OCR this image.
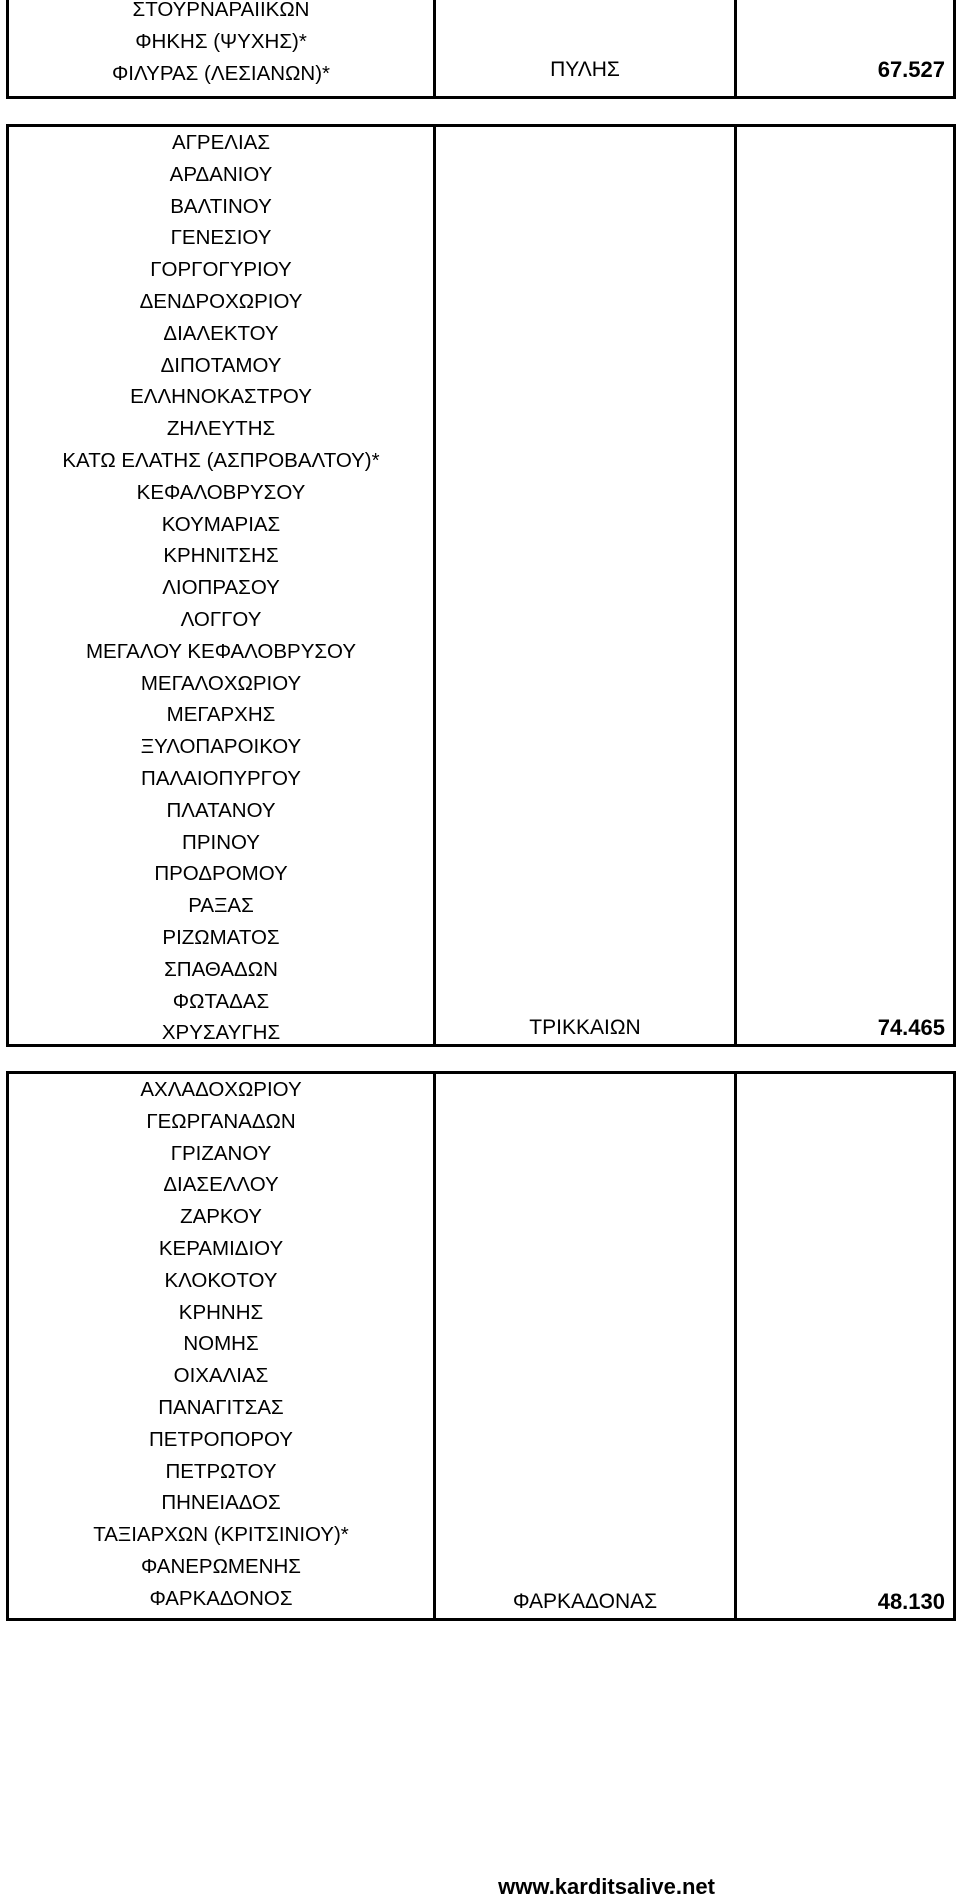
ΣΤΟΥΡΝΑΡΑΙΙΚΩΝ
ΦΗΚΗΣ (ΨΥΧΗΣ)*
ΦΙΛΥΡΑΣ (ΛΕΣΙΑΝΩΝ)*	ΠΥΛΗΣ	67.527
ΑΓΡΕΛΙΑΣ
ΑΡΔΑΝΙΟΥ
ΒΑΛΤΙΝΟΥ
ΓΕΝΕΣΙΟΥ
ΓΟΡΓΟΓΥΡΙΟΥ
ΔΕΝΔΡΟΧΩΡΙΟΥ
ΔΙΑΛΕΚΤΟΥ
ΔΙΠΟΤΑΜΟΥ
ΕΛΛΗΝΟΚΑΣΤΡΟΥ
ΖΗΛΕΥΤΗΣ
ΚΑΤΩ ΕΛΑΤΗΣ (ΑΣΠΡΟΒΑΛΤΟΥ)*
ΚΕΦΑΛΟΒΡΥΣΟΥ
ΚΟΥΜΑΡΙΑΣ
ΚΡΗΝΙΤΣΗΣ
ΛΙΟΠΡΑΣΟΥ
ΛΟΓΓΟΥ
ΜΕΓΑΛΟΥ ΚΕΦΑΛΟΒΡΥΣΟΥ
ΜΕΓΑΛΟΧΩΡΙΟΥ
ΜΕΓΑΡΧΗΣ
ΞΥΛΟΠΑΡΟΙΚΟΥ
ΠΑΛΑΙΟΠΥΡΓΟΥ
ΠΛΑΤΑΝΟΥ
ΠΡΙΝΟΥ
ΠΡΟΔΡΟΜΟΥ
ΡΑΞΑΣ
ΡΙΖΩΜΑΤΟΣ
ΣΠΑΘΑΔΩΝ
ΦΩΤΑΔΑΣ
ΧΡΥΣΑΥΓΗΣ	ΤΡΙΚΚΑΙΩΝ	74.465
ΑΧΛΑΔΟΧΩΡΙΟΥ
ΓΕΩΡΓΑΝΑΔΩΝ
ΓΡΙΖΑΝΟΥ
ΔΙΑΣΕΛΛΟΥ
ΖΑΡΚΟΥ
ΚΕΡΑΜΙΔΙΟΥ
ΚΛΟΚΟΤΟΥ
ΚΡΗΝΗΣ
ΝΟΜΗΣ
ΟΙΧΑΛΙΑΣ
ΠΑΝΑΓΙΤΣΑΣ
ΠΕΤΡΟΠΟΡΟΥ
ΠΕΤΡΩΤΟΥ
ΠΗΝΕΙΑΔΟΣ
ΤΑΞΙΑΡΧΩΝ (ΚΡΙΤΣΙΝΙΟΥ)*
ΦΑΝΕΡΩΜΕΝΗΣ
ΦΑΡΚΑΔΟΝΟΣ	ΦΑΡΚΑΔΟΝΑΣ	48.130
www.karditsalive.net
